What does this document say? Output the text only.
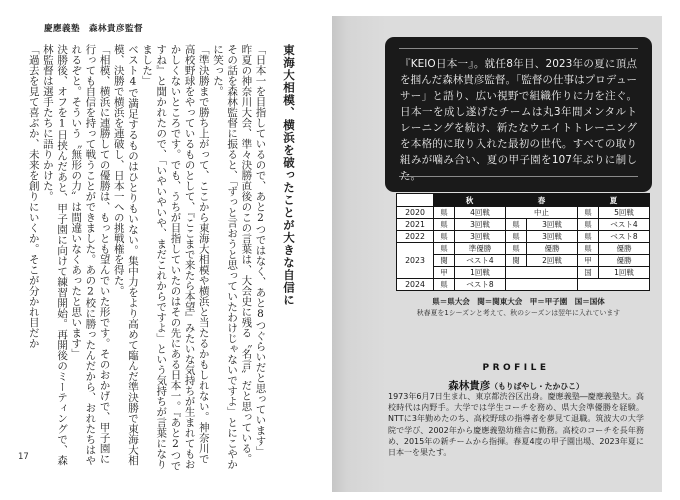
慶應義塾　森林貴彦監督

東海大相模、横浜を破ったことが大きな自信に

「日本一を目指しているので、あと2つではなく、あと8つぐらいだと思っています」

昨夏の神奈川大会、準々決勝直後のこの言葉は、大会史に残る〝名言〟だと思っている。その話を森林監督に振ると、「ずっと言おうと思っていたわけじゃないですよ」とにこやかに笑った。

「準決勝まで勝ち上がって、ここから東海大相模や横浜と当たるかもしれない。神奈川で高校野球をやっているものとして、『ここまで来たら本望』みたいな気持ちが生まれてもおかしくないところです。でも、うちが目指していたのはその先にある日本一。『あと2つですね』と聞かれたので、「いやいやいや、まだこれからですよ」という気持ちが言葉になりました」

ベスト4で満足するものはひとりもいない。集中力をより高めて臨んだ準決勝で東海大相模、決勝で横浜を連破し、日本一への挑戦権を得た。

「相模、横浜に連勝しての優勝は、もっとも望んでいた形です。そのおかげで、甲子園に行っても自信を持って戦うことができました。あの2校に勝ったんだから、おれたちはやれるぞと。そういう〝無形の力〟は間違いなくあったと思います」

決勝後、オフを1日挟んだあと、甲子園に向けて練習開始。再開後のミーティングで、森林監督は選手たちに語りかけた。

「過去を見て喜ぶか、未来を創りにいくか。そこが分かれ目だか

17

『KEIO日本一』。就任8年目、2023年の夏に頂点を掴んだ森林貴彦監督。「監督の仕事はプロデューサー」と語り、広い視野で組織作りに力を注ぐ。日本一を成し遂げたチームは丸3年間メンタルトレーニングを続け、新たなウエイトトレーニングを本格的に取り入れた最初の世代。すべての取り組みが噛み合い、夏の甲子園を107年ぶりに制した。

	秋		春		夏	
2020	県	4回戦	中止		県	5回戦
2021	県	3回戦	県	3回戦	県	ベスト4
2022	県	3回戦	県	3回戦	県	ベスト8
2023	県	準優勝	県	優勝	県	優勝
	関	ベスト4	関	2回戦	甲	優勝
	甲	1回戦			国	1回戦
2024	県	ベスト8				
県＝県大会　関＝関東大会　甲＝甲子園　国＝国体
秋春夏を1シーズンと考えて、秋のシーズンは翌年に入れています
PROFILE
森林貴彦（もりばやし・たかひこ）

1973年6月7日生まれ、東京都渋谷区出身。慶應義塾―慶應義塾大。高校時代は内野手。大学では学生コーチを務め、県大会準優勝を経験。NTTに3年勤めたのち、高校野球の指導者を夢見て退職。筑波大の大学院で学び、2002年から慶應義塾幼稚舎に勤務。高校のコーチを長年務め、2015年の新チームから指揮。春夏4度の甲子園出場、2023年夏に日本一を果たす。
